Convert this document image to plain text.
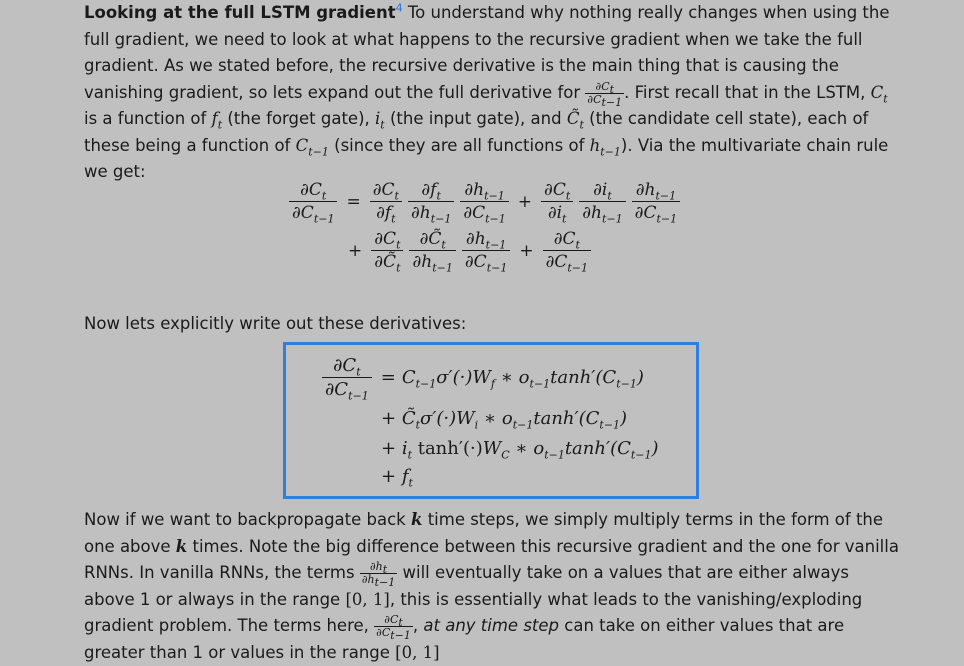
Looking at the full LSTM gradient$^4$ To understand why nothing really changes when using the full gradient, we need to look at what happens to the recursive gradient when we take the full gradient. As we stated before, the recursive derivative is the main thing that is causing the vanishing gradient, so lets expand out the full derivative for $\frac{\partial C_t}{\partial C_{t-1}}$ . First recall that in the LSTM, $C_t$ is a function of $f_t$ (the forget gate), $i_t$ (the input gate), and $C̃_t$ (the candidate cell state), each of these being a function of $C_{t-1}$ (since they are all functions of $h_{t-1}$). Via the multivariate chain rule we get:

$\frac{\partial C_t}{\partial C_{t-1}} = \frac{\partial C_t}{\partial f_t} \frac{\partial f_t}{\partial h_{t-1}} \frac{\partial h_{t-1}}{\partial C_{t-1}} + \frac{\partial C_t}{\partial i_t} \frac{\partial i_t}{\partial h_{t-1}} \frac{\partial h_{t-1}}{\partial C_{t-1}}$
+ $\frac{\partial C_t}{\partial C̃_t} \frac{\partial C̃_t}{\partial h_{t-1}} \frac{\partial h_{t-1}}{\partial C_{t-1}} + \frac{\partial C_t}{\partial C_{t-1}}$

Now lets explicitly write out these derivatives:

$\frac{\partial C_t}{\partial C_{t-1}} = C_{t-1}\sigma'(\cdot)W_f$ ∗ $o_{t-1}\tanh'(C_{t-1})$
+ $C̃_t\sigma'(\cdot)W_i$ ∗ $o_{t-1}\tanh'(C_{t-1})$
+ $i_t$ $\tanh'(\cdot)W_C$ ∗ $o_{t-1}\tanh'(C_{t-1})$
+ $f_t$

Now if we want to backpropagate back k time steps, we simply multiply terms in the form of the one above k times. Note the big difference between this recursive gradient and the one for vanilla RNNs. In vanilla RNNs, the terms $\frac{\partial h_t}{\partial h_{t-1}}$ will eventually take on a values that are either always above 1 or always in the range [0, 1], this is essentially what leads to the vanishing/exploding gradient problem. The terms here, $\frac{\partial C_t}{\partial C_{t-1}}$ , at any time step can take on either values that are greater than 1 or values in the range [0, 1]
